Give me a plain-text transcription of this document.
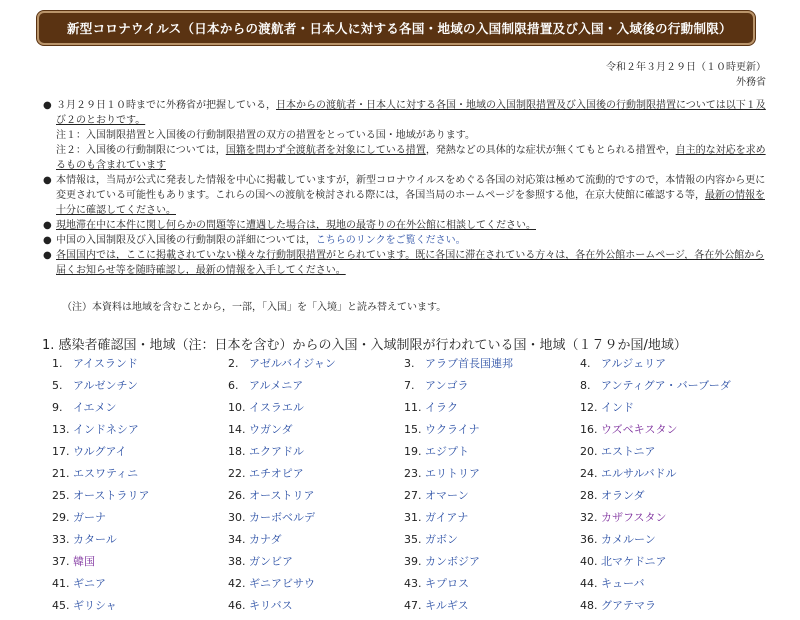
新型コロナウイルス（日本からの渡航者・日本人に対する各国・地域の入国制限措置及び入国・入域後の行動制限）
令和２年３月２９日（１０時更新）
外務省
● ３月２９日１０時までに外務省が把握している，日本からの渡航者・日本人に対する各国・地域の入国制限措置及び入国後の行動制限措置については以下１及び２のとおりです。
注１：入国制限措置と入国後の行動制限措置の双方の措置をとっている国・地域があります。
注２：入国後の行動制限については，国籍を問わず全渡航者を対象にしている措置，発熱などの具体的な症状が無くてもとられる措置や，自主的な対応を求めるものも含まれています
● 本情報は，当局が公式に発表した情報を中心に掲載していますが，新型コロナウイルスをめぐる各国の対応策は極めて流動的ですので，本情報の内容から更に変更されている可能性もあります。これらの国への渡航を検討される際には，各国当局のホームページを参照する他，在京大使館に確認する等，最新の情報を十分に確認してください。
● 現地滞在中に本件に関し何らかの問題等に遭遇した場合は，現地の最寄りの在外公館に相談してください。
● 中国の入国制限及び入国後の行動制限の詳細については，こちらのリンクをご覧ください。
● 各国国内では，ここに掲載されていない様々な行動制限措置がとられています。既に各国に滞在されている方々は，各在外公館ホームページ，各在外公館から届くお知らせ等を随時確認し，最新の情報を入手してください。
（注）本資料は地域を含むことから，一部，「入国」を「入境」と読み替えています。
1. 感染者確認国・地域（注：日本を含む）からの入国・入域制限が行われている国・地域（１７９か国/地域）
1. アイスランド	2. アゼルバイジャン	3. アラブ首長国連邦	4. アルジェリア
5. アルゼンチン	6. アルメニア	7. アンゴラ	8. アンティグア・バーブーダ
9. イエメン	10. イスラエル	11. イラク	12. インド
13. インドネシア	14. ウガンダ	15. ウクライナ	16. ウズベキスタン
17. ウルグアイ	18. エクアドル	19. エジプト	20. エストニア
21. エスワティニ	22. エチオピア	23. エリトリア	24. エルサルバドル
25. オーストラリア	26. オーストリア	27. オマーン	28. オランダ
29. ガーナ	30. カーボベルデ	31. ガイアナ	32. カザフスタン
33. カタール	34. カナダ	35. ガボン	36. カメルーン
37. 韓国	38. ガンビア	39. カンボジア	40. 北マケドニア
41. ギニア	42. ギニアビサウ	43. キプロス	44. キューバ
45. ギリシャ	46. キリバス	47. キルギス	48. グアテマラ
